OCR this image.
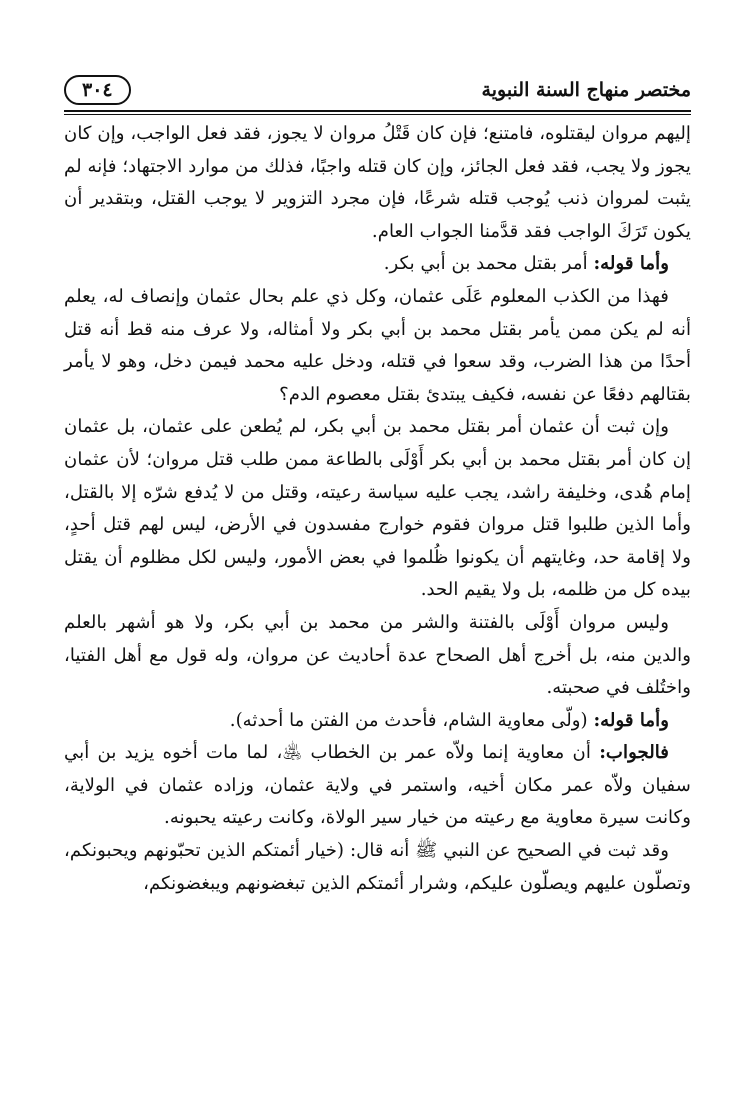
مختصر منهاج السنة النبوية
٣٠٤

إليهم مروان ليقتلوه، فامتنع؛ فإن كان قَتْلُ مروان لا يجوز، فقد فعل الواجب، وإن كان يجوز ولا يجب، فقد فعل الجائز، وإن كان قتله واجبًا، فذلك من موارد الاجتهاد؛ فإنه لم يثبت لمروان ذنب يُوجب قتله شرعًا، فإن مجرد التزوير لا يوجب القتل، وبتقدير أن يكون تَرَكَ الواجب فقد قدَّمنا الجواب العام.

وأما قوله: أمر بقتل محمد بن أبي بكر.

فهذا من الكذب المعلوم عَلَى عثمان، وكل ذي علم بحال عثمان وإنصاف له، يعلم أنه لم يكن ممن يأمر بقتل محمد بن أبي بكر ولا أمثاله، ولا عرف منه قط أنه قتل أحدًا من هذا الضرب، وقد سعوا في قتله، ودخل عليه محمد فيمن دخل، وهو لا يأمر بقتالهم دفعًا عن نفسه، فكيف يبتدئ بقتل معصوم الدم؟

وإن ثبت أن عثمان أمر بقتل محمد بن أبي بكر، لم يُطعن على عثمان، بل عثمان إن كان أمر بقتل محمد بن أبي بكر أَوْلَى بالطاعة ممن طلب قتل مروان؛ لأن عثمان إمام هُدى، وخليفة راشد، يجب عليه سياسة رعيته، وقتل من لا يُدفع شرّه إلا بالقتل، وأما الذين طلبوا قتل مروان فقوم خوارج مفسدون في الأرض، ليس لهم قتل أحدٍ، ولا إقامة حد، وغايتهم أن يكونوا ظُلموا في بعض الأمور، وليس لكل مظلوم أن يقتل بيده كل من ظلمه، بل ولا يقيم الحد.

وليس مروان أَوْلَى بالفتنة والشر من محمد بن أبي بكر، ولا هو أشهر بالعلم والدين منه، بل أخرج أهل الصحاح عدة أحاديث عن مروان، وله قول مع أهل الفتيا، واختُلف في صحبته.

وأما قوله: (ولّى معاوية الشام، فأحدث من الفتن ما أحدثه).

فالجواب: أن معاوية إنما ولاّه عمر بن الخطاب ﵁، لما مات أخوه يزيد بن أبي سفيان ولاّه عمر مكان أخيه، واستمر في ولاية عثمان، وزاده عثمان في الولاية، وكانت سيرة معاوية مع رعيته من خيار سير الولاة، وكانت رعيته يحبونه.

وقد ثبت في الصحيح عن النبي ﷺ أنه قال: (خيار أئمتكم الذين تحبّونهم ويحبونكم، وتصلّون عليهم ويصلّون عليكم، وشرار أئمتكم الذين تبغضونهم ويبغضونكم،
